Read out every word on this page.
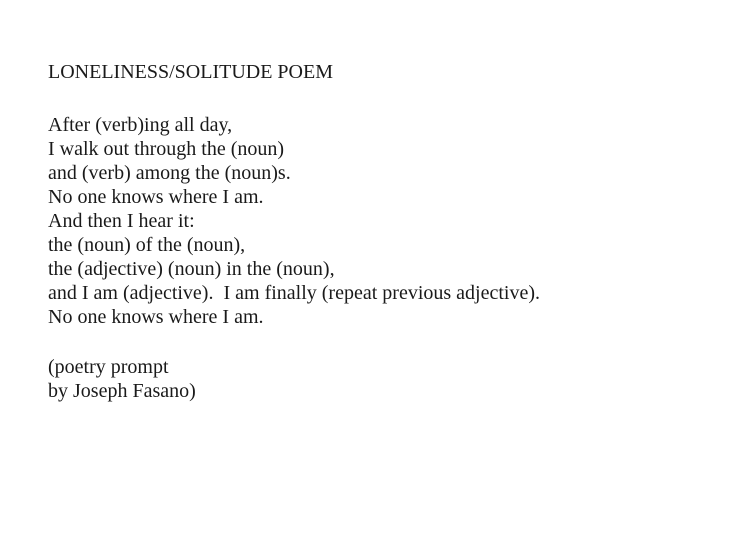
LONELINESS/SOLITUDE POEM

After (verb)ing all day,

I walk out through the (noun)

and (verb) among the (noun)s.

No one knows where I am.

And then I hear it:

the (noun) of the (noun),

the (adjective) (noun) in the (noun),

and I am (adjective).  I am finally (repeat previous adjective).

No one knows where I am.

(poetry prompt

by Joseph Fasano)
